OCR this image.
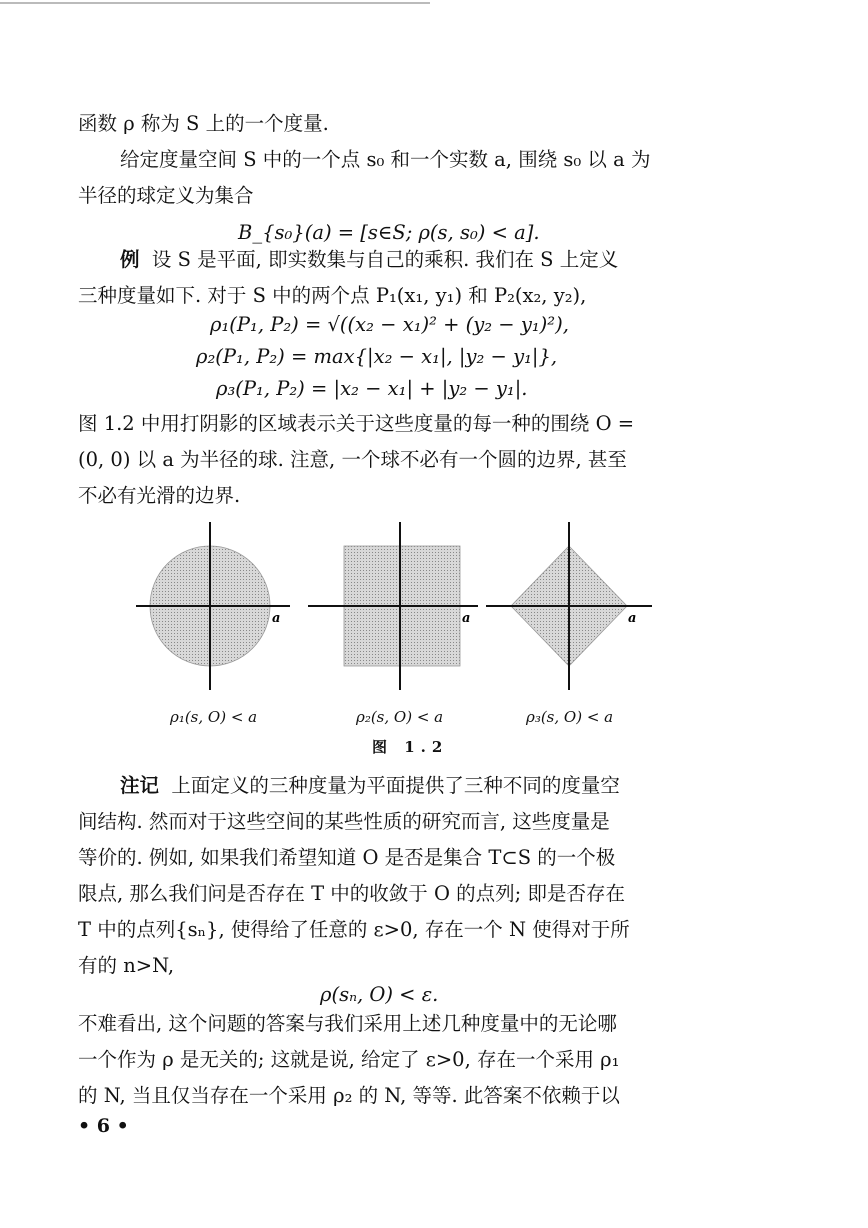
函数 ρ 称为 S 上的一个度量.

给定度量空间 S 中的一个点 s₀ 和一个实数 a, 围绕 s₀ 以 a 为
半径的球定义为集合
B_{s₀}(a) = [s∈S; ρ(s, s₀) < a].
例 设 S 是平面, 即实数集与自己的乘积. 我们在 S 上定义
三种度量如下. 对于 S 中的两个点 P₁(x₁, y₁) 和 P₂(x₂, y₂),
ρ₁(P₁, P₂) = √((x₂ − x₁)² + (y₂ − y₁)²),
ρ₂(P₁, P₂) = max{|x₂ − x₁|, |y₂ − y₁|},
ρ₃(P₁, P₂) = |x₂ − x₁| + |y₂ − y₁|.
图 1.2 中用打阴影的区域表示关于这些度量的每一种的围绕 O =
(0, 0) 以 a 为半径的球. 注意, 一个球不必有一个圆的边界, 甚至
不必有光滑的边界.
a	a	a
ρ₁(s, O) < a	ρ₂(s, O) < a	ρ₃(s, O) < a
图 1.2
注记 上面定义的三种度量为平面提供了三种不同的度量空
间结构. 然而对于这些空间的某些性质的研究而言, 这些度量是
等价的. 例如, 如果我们希望知道 O 是否是集合 T⊂S 的一个极
限点, 那么我们问是否存在 T 中的收敛于 O 的点列; 即是否存在
T 中的点列{sₙ}, 使得给了任意的 ε>0, 存在一个 N 使得对于所
有的 n>N,
ρ(sₙ, O) < ε.
不难看出, 这个问题的答案与我们采用上述几种度量中的无论哪
一个作为 ρ 是无关的; 这就是说, 给定了 ε>0, 存在一个采用 ρ₁
的 N, 当且仅当存在一个采用 ρ₂ 的 N, 等等. 此答案不依赖于以
• 6 •
